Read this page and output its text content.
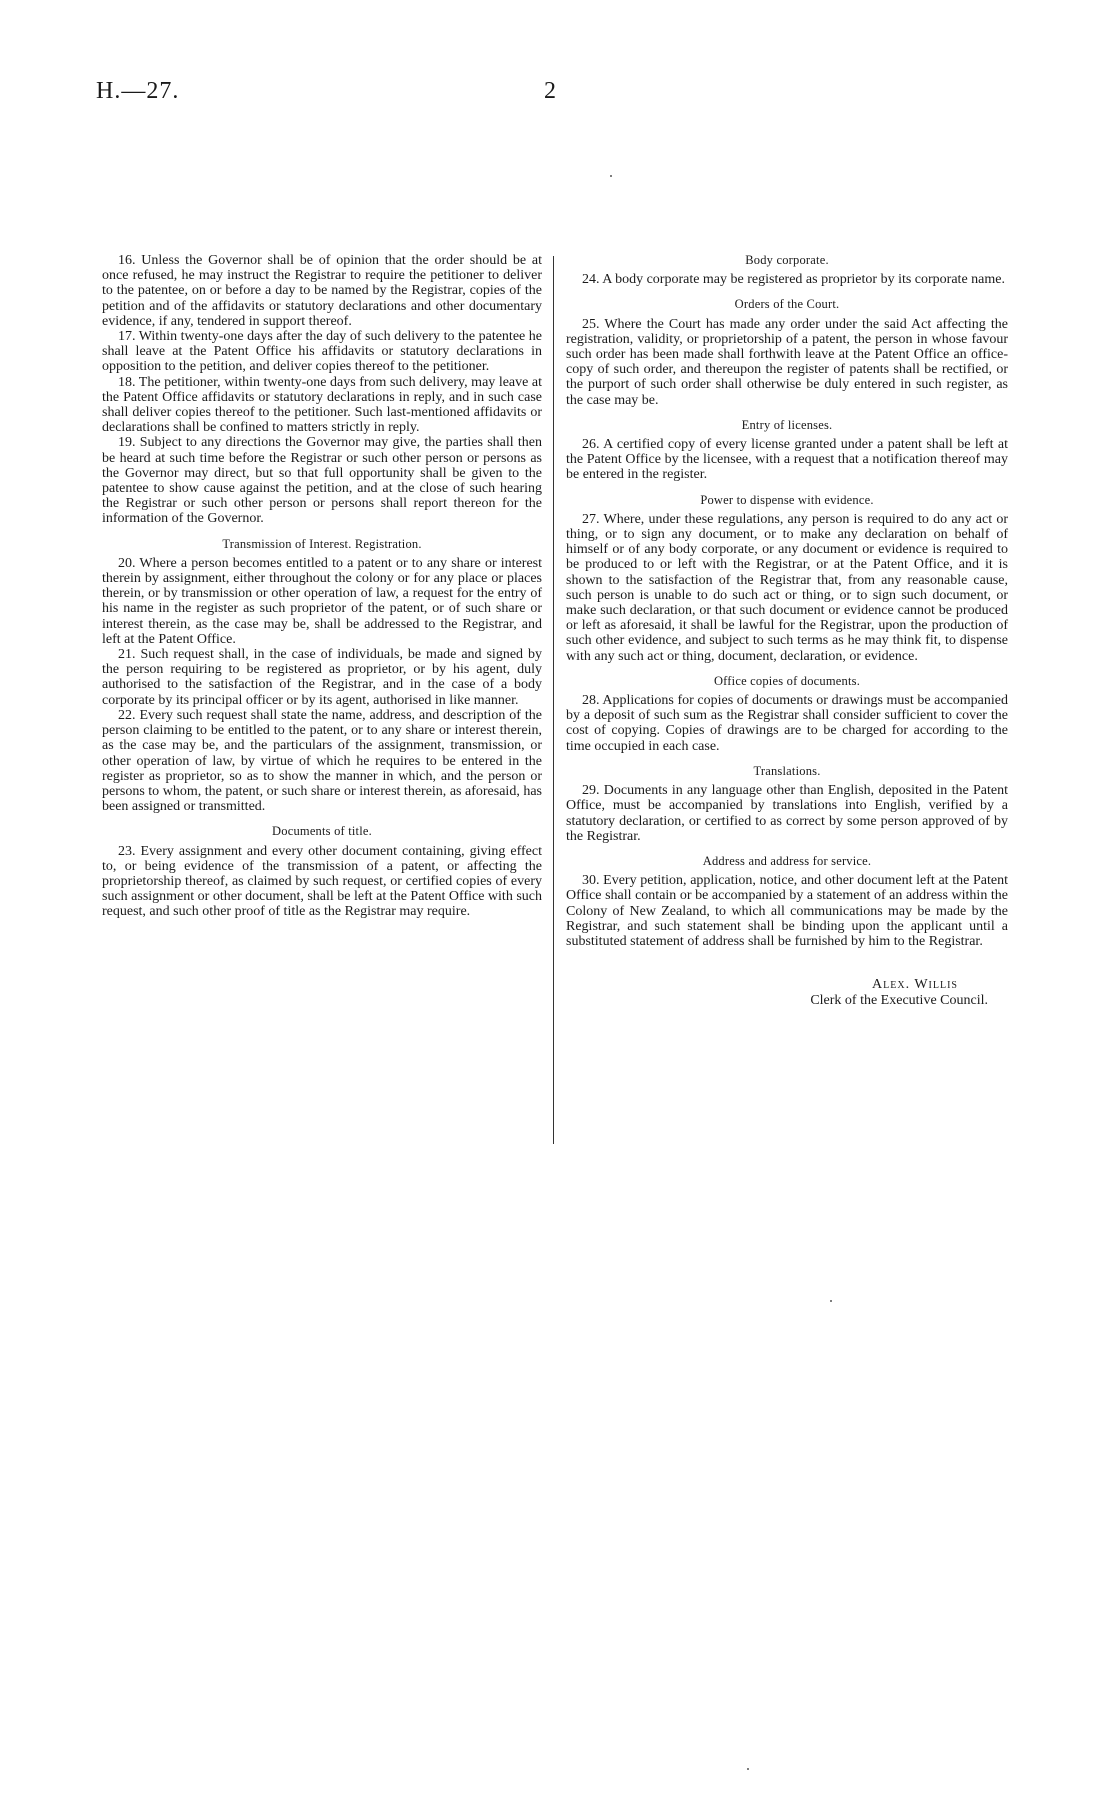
H.—27.	2

16. Unless the Governor shall be of opinion that the order should be at once refused, he may instruct the Registrar to require the petitioner to deliver to the patentee, on or before a day to be named by the Registrar, copies of the petition and of the affidavits or statutory declarations and other documentary evidence, if any, tendered in support thereof.

17. Within twenty-one days after the day of such delivery to the patentee he shall leave at the Patent Office his affidavits or statutory declarations in opposition to the petition, and deliver copies thereof to the petitioner.

18. The petitioner, within twenty-one days from such delivery, may leave at the Patent Office affidavits or statutory declarations in reply, and in such case shall deliver copies thereof to the petitioner. Such last-mentioned affidavits or declarations shall be confined to matters strictly in reply.

19. Subject to any directions the Governor may give, the parties shall then be heard at such time before the Registrar or such other person or persons as the Governor may direct, but so that full opportunity shall be given to the patentee to show cause against the petition, and at the close of such hearing the Registrar or such other person or persons shall report thereon for the information of the Governor.

Transmission of Interest. Registration.

20. Where a person becomes entitled to a patent or to any share or interest therein by assignment, either throughout the colony or for any place or places therein, or by transmission or other operation of law, a request for the entry of his name in the register as such proprietor of the patent, or of such share or interest therein, as the case may be, shall be addressed to the Registrar, and left at the Patent Office.

21. Such request shall, in the case of individuals, be made and signed by the person requiring to be registered as proprietor, or by his agent, duly authorised to the satisfaction of the Registrar, and in the case of a body corporate by its principal officer or by its agent, authorised in like manner.

22. Every such request shall state the name, address, and description of the person claiming to be entitled to the patent, or to any share or interest therein, as the case may be, and the particulars of the assignment, transmission, or other operation of law, by virtue of which he requires to be entered in the register as proprietor, so as to show the manner in which, and the person or persons to whom, the patent, or such share or interest therein, as aforesaid, has been assigned or transmitted.

Documents of title.

23. Every assignment and every other document containing, giving effect to, or being evidence of the transmission of a patent, or affecting the proprietorship thereof, as claimed by such request, or certified copies of every such assignment or other document, shall be left at the Patent Office with such request, and such other proof of title as the Registrar may require.

Body corporate.

24. A body corporate may be registered as proprietor by its corporate name.

Orders of the Court.

25. Where the Court has made any order under the said Act affecting the registration, validity, or proprietorship of a patent, the person in whose favour such order has been made shall forthwith leave at the Patent Office an office-copy of such order, and thereupon the register of patents shall be rectified, or the purport of such order shall otherwise be duly entered in such register, as the case may be.

Entry of licenses.

26. A certified copy of every license granted under a patent shall be left at the Patent Office by the licensee, with a request that a notification thereof may be entered in the register.

Power to dispense with evidence.

27. Where, under these regulations, any person is required to do any act or thing, or to sign any document, or to make any declaration on behalf of himself or of any body corporate, or any document or evidence is required to be produced to or left with the Registrar, or at the Patent Office, and it is shown to the satisfaction of the Registrar that, from any reasonable cause, such person is unable to do such act or thing, or to sign such document, or make such declaration, or that such document or evidence cannot be produced or left as aforesaid, it shall be lawful for the Registrar, upon the production of such other evidence, and subject to such terms as he may think fit, to dispense with any such act or thing, document, declaration, or evidence.

Office copies of documents.

28. Applications for copies of documents or drawings must be accompanied by a deposit of such sum as the Registrar shall consider sufficient to cover the cost of copying. Copies of drawings are to be charged for according to the time occupied in each case.

Translations.

29. Documents in any language other than English, deposited in the Patent Office, must be accompanied by translations into English, verified by a statutory declaration, or certified to as correct by some person approved of by the Registrar.

Address and address for service.

30. Every petition, application, notice, and other document left at the Patent Office shall contain or be accompanied by a statement of an address within the Colony of New Zealand, to which all communications may be made by the Registrar, and such statement shall be binding upon the applicant until a substituted statement of address shall be furnished by him to the Registrar.

Alex. Willis
Clerk of the Executive Council.
